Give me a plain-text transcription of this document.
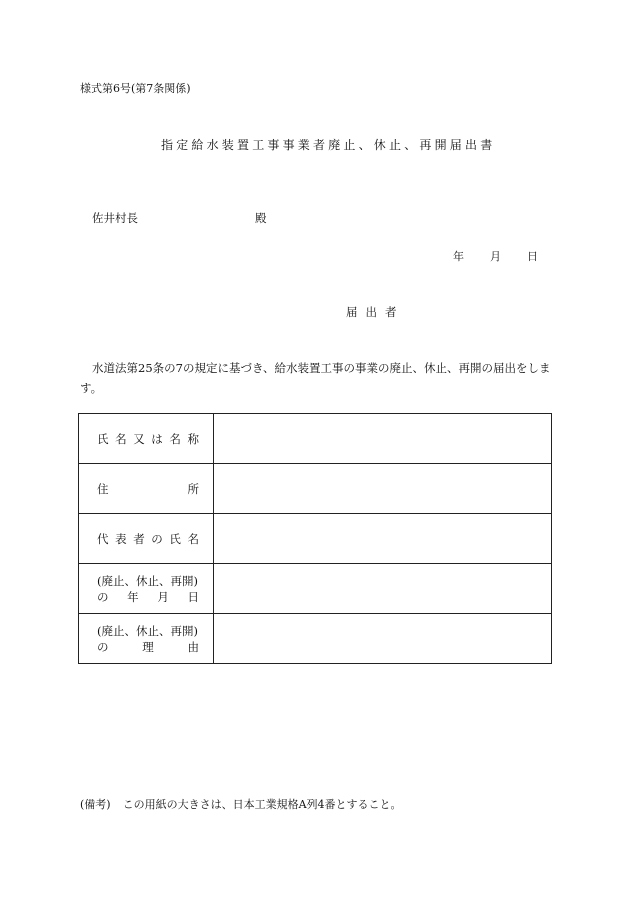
様式第6号(第7条関係)
指定給水装置工事事業者廃止、休止、再開届出書
佐井村長	殿
年 月 日
届出者
水道法第25条の7の規定に基づき、給水装置工事の事業の廃止、休止、再開の届出をします。
氏名又は名称	

住所	

代表者の氏名	

(廃止、休止、再開)
の年月日	

(廃止、休止、再開)
の理由	

(備考) この用紙の大きさは、日本工業規格A列4番とすること。
